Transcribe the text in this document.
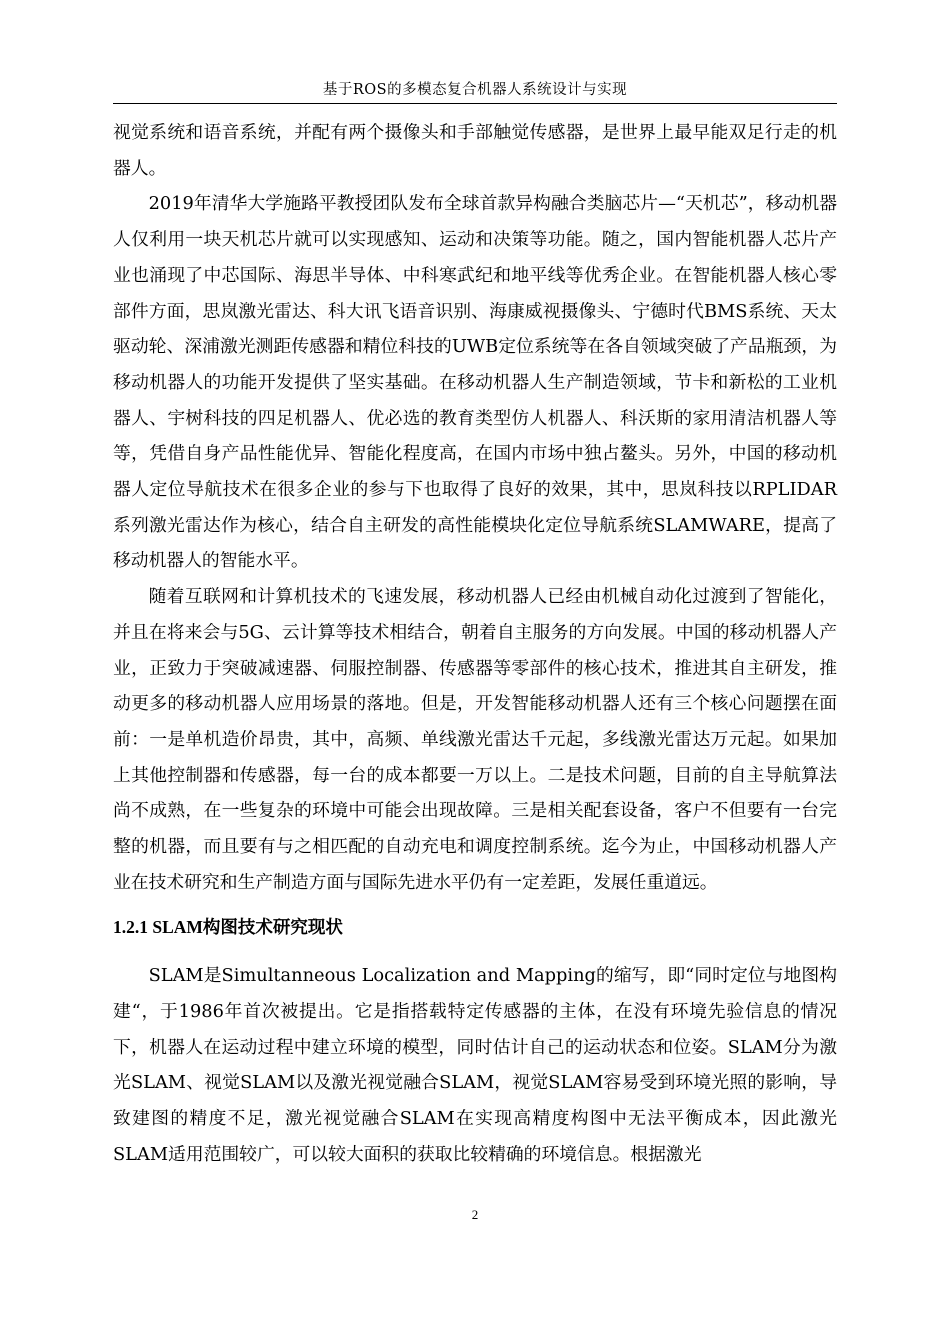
基于ROS的多模态复合机器人系统设计与实现

视觉系统和语音系统，并配有两个摄像头和手部触觉传感器，是世界上最早能双足行走的机器人。

2019年清华大学施路平教授团队发布全球首款异构融合类脑芯片—“天机芯”，移动机器人仅利用一块天机芯片就可以实现感知、运动和决策等功能。随之，国内智能机器人芯片产业也涌现了中芯国际、海思半导体、中科寒武纪和地平线等优秀企业。在智能机器人核心零部件方面，思岚激光雷达、科大讯飞语音识别、海康威视摄像头、宁德时代BMS系统、天太驱动轮、深浦激光测距传感器和精位科技的UWB定位系统等在各自领域突破了产品瓶颈，为移动机器人的功能开发提供了坚实基础。在移动机器人生产制造领域，节卡和新松的工业机器人、宇树科技的四足机器人、优必选的教育类型仿人机器人、科沃斯的家用清洁机器人等等，凭借自身产品性能优异、智能化程度高，在国内市场中独占鳌头。另外，中国的移动机器人定位导航技术在很多企业的参与下也取得了良好的效果，其中，思岚科技以RPLIDAR系列激光雷达作为核心，结合自主研发的高性能模块化定位导航系统SLAMWARE，提高了移动机器人的智能水平。

随着互联网和计算机技术的飞速发展，移动机器人已经由机械自动化过渡到了智能化，并且在将来会与5G、云计算等技术相结合，朝着自主服务的方向发展。中国的移动机器人产业，正致力于突破减速器、伺服控制器、传感器等零部件的核心技术，推进其自主研发，推动更多的移动机器人应用场景的落地。但是，开发智能移动机器人还有三个核心问题摆在面前：一是单机造价昂贵，其中，高频、单线激光雷达千元起，多线激光雷达万元起。如果加上其他控制器和传感器，每一台的成本都要一万以上。二是技术问题，目前的自主导航算法尚不成熟，在一些复杂的环境中可能会出现故障。三是相关配套设备，客户不但要有一台完整的机器，而且要有与之相匹配的自动充电和调度控制系统。迄今为止，中国移动机器人产业在技术研究和生产制造方面与国际先进水平仍有一定差距，发展任重道远。

1.2.1 SLAM构图技术研究现状

SLAM是Simultanneous Localization and Mapping的缩写，即“同时定位与地图构建“，于1986年首次被提出。它是指搭载特定传感器的主体，在没有环境先验信息的情况下，机器人在运动过程中建立环境的模型，同时估计自己的运动状态和位姿。SLAM分为激光SLAM、视觉SLAM以及激光视觉融合SLAM，视觉SLAM容易受到环境光照的影响，导致建图的精度不足，激光视觉融合SLAM在实现高精度构图中无法平衡成本，因此激光SLAM适用范围较广，可以较大面积的获取比较精确的环境信息。根据激光

2
